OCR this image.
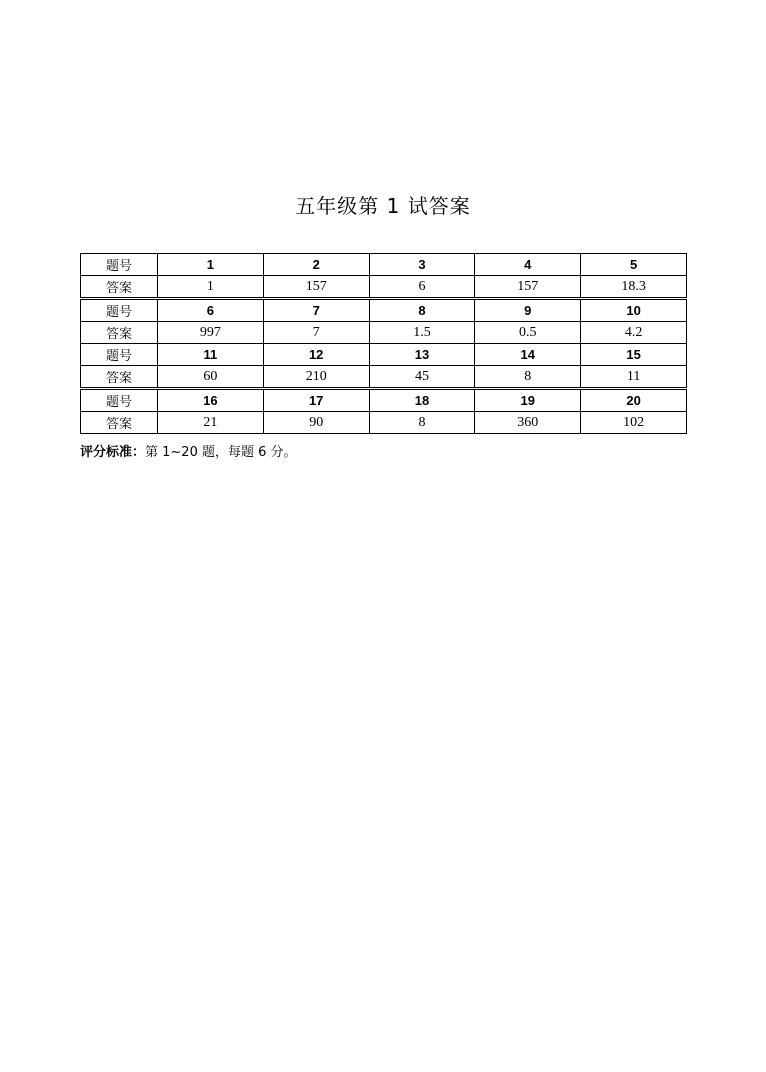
五年级第 1 试答案
题号	1	2	3	4	5
答案	1	157	6	157	18.3
题号	6	7	8	9	10
答案	997	7	1.5	0.5	4.2
题号	11	12	13	14	15
答案	60	210	45	8	11
题号	16	17	18	19	20
答案	21	90	8	360	102
评分标准：第 1~20 题，每题 6 分。
